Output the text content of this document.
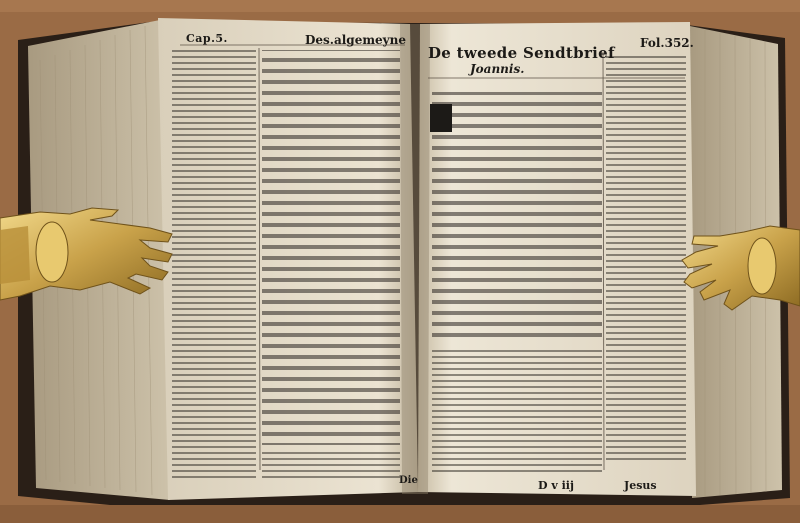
Cap.5.	Des.algemeyne
De tweede Sendtbrief
Joannis.
Fol.352.
Die	D v iij	Jesus
